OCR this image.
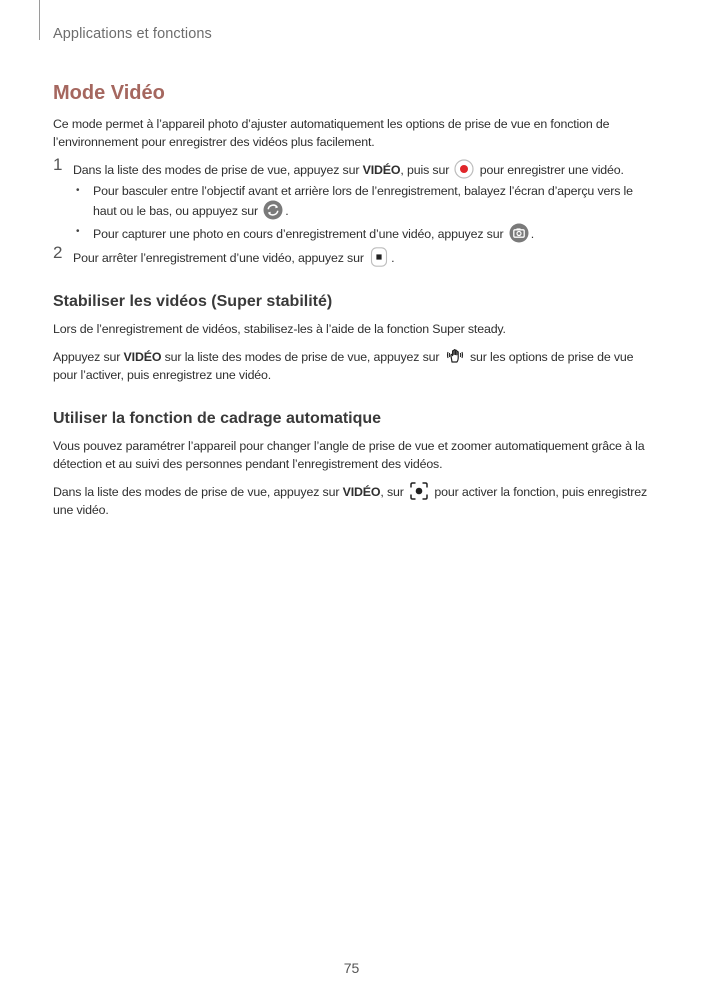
Applications et fonctions
Mode Vidéo

Ce mode permet à l’appareil photo d’ajuster automatiquement les options de prise de vue en fonction de l’environnement pour enregistrer des vidéos plus facilement.

1 Dans la liste des modes de prise de vue, appuyez sur VIDÉO, puis sur
pour enregistrer une vidéo.
• Pour basculer entre l’objectif avant et arrière lors de l’enregistrement, balayez l’écran d’aperçu vers le haut ou le bas, ou appuyez sur
.
• Pour capturer une photo en cours d’enregistrement d’une vidéo, appuyez sur
.
2 Pour arrêter l’enregistrement d’une vidéo, appuyez sur
.
Stabiliser les vidéos (Super stabilité)

Lors de l’enregistrement de vidéos, stabilisez-les à l’aide de la fonction Super steady.

Appuyez sur VIDÉO sur la liste des modes de prise de vue, appuyez sur
sur les options de prise de vue pour l’activer, puis enregistrez une vidéo.

Utiliser la fonction de cadrage automatique

Vous pouvez paramétrer l’appareil pour changer l’angle de prise de vue et zoomer automatiquement grâce à la détection et au suivi des personnes pendant l’enregistrement des vidéos.

Dans la liste des modes de prise de vue, appuyez sur VIDÉO, sur
pour activer la fonction, puis enregistrez une vidéo.

75
